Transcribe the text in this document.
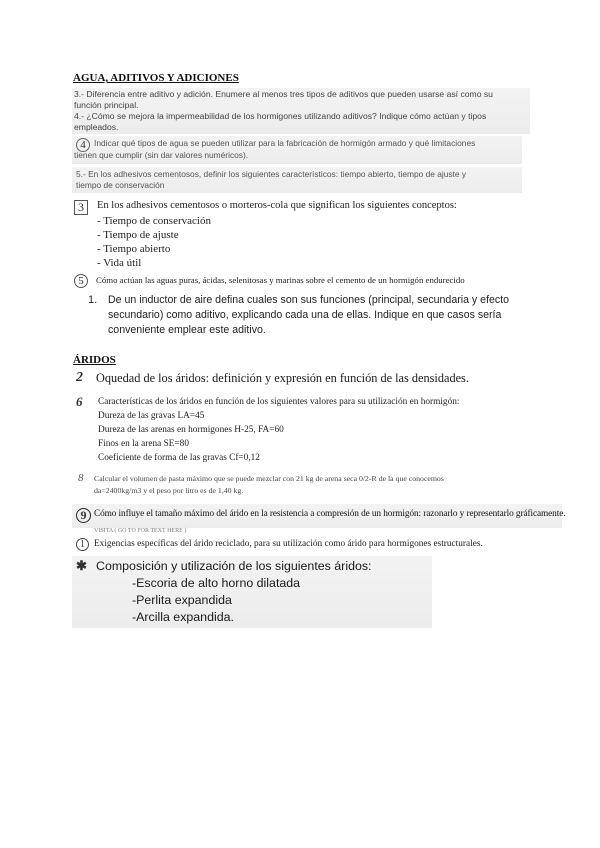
AGUA, ADITIVOS Y ADICIONES
3.- Diferencia entre aditivo y adición. Enumere al menos tres tipos de aditivos que pueden usarse así como su
función principal.
4.- ¿Cómo se mejora la impermeabilidad de los hormigones utilizando aditivos? Indique cómo actúan y tipos
empleados.
4 Indicar qué tipos de agua se pueden utilizar para la fabricación de hormigón armado y qué limitaciones
tienen que cumplir (sin dar valores numéricos).
5.- En los adhesivos cementosos, definir los siguientes característicos: tiempo abierto, tiempo de ajuste y
tiempo de conservación
3	En los adhesivos cementosos o morteros-cola que significan los siguientes conceptos:
- Tiempo de conservación
- Tiempo de ajuste
- Tiempo abierto
- Vida útil
5	Cómo actúan las aguas puras, ácidas, selenitosas y marinas sobre el cemento de un hormigón endurecido
1. De un inductor de aire defina cuales son sus funciones (principal, secundaria y efecto
secundario) como aditivo, explicando cada una de ellas. Indique en que casos sería
conveniente emplear este aditivo.
ÁRIDOS
2 Oquedad de los áridos: definición y expresión en función de las densidades.
6 Características de los áridos en función de los siguientes valores para su utilización en hormigón:
Dureza de las gravas LA=45
Dureza de las arenas en hormigones H-25, FA=60
Finos en la arena SE=80
Coeficiente de forma de las gravas Cf=0,12
8 Calcular el volumen de pasta máximo que se puede mezclar con 21 kg de arena seca 0/2-R de la que conocemos
da=2400kg/m3 y el peso por litro es de 1,40 kg.
9 Cómo influye el tamaño máximo del árido en la resistencia a compresión de un hormigón: razonarlo y representarlo gráficamente.
VISITA ( GO TO FOR TEXT HERE )
1 Exigencias específicas del árido reciclado, para su utilización como árido para hormigones estructurales.
✱ Composición y utilización de los siguientes áridos:
-Escoria de alto horno dilatada
-Perlita expandida
-Arcilla expandida.
